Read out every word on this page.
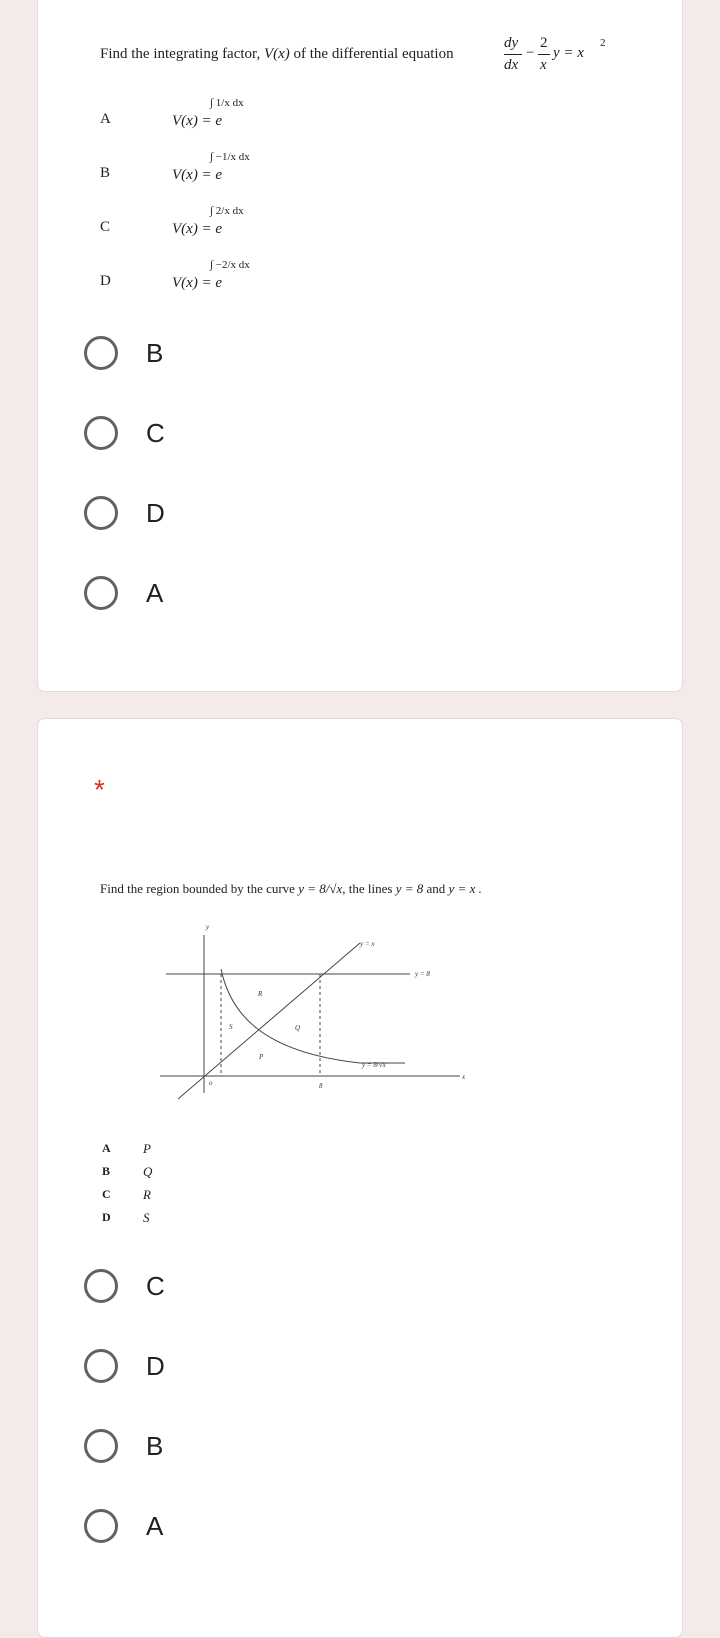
Find the integrating factor, V(x) of the differential equation
dy
dx
−
2
x
y = x
2
A	V(x) = e
∫ 1/x dx
B	V(x) = e
∫ −1/x dx
C	V(x) = e
∫ 2/x dx
D	V(x) = e
∫ −2/x dx
B
C
D
A
*
Find the region bounded by the curve y = 8/√x, the lines y = 8 and y = x .
y
x
o
y = x
y = 8
y = 8/√x
8
R
S	Q
P
A P
B	Q
C R
D S
C
D
B
A
